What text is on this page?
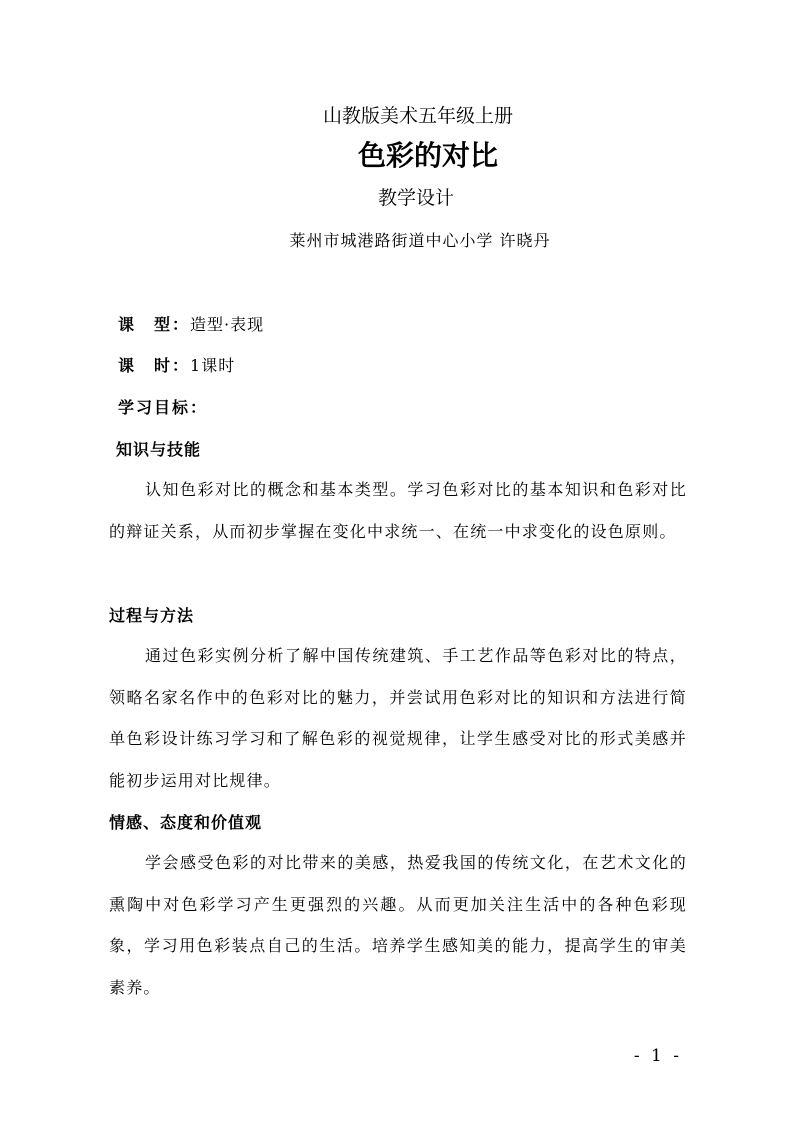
山教版美术五年级上册
色彩的对比
教学设计
莱州市城港路街道中心小学 许晓丹
课　型：造型·表现
课　时：1课时
学习目标：
知识与技能
认知色彩对比的概念和基本类型。学习色彩对比的基本知识和色彩对比的辩证关系，从而初步掌握在变化中求统一、在统一中求变化的设色原则。
过程与方法
通过色彩实例分析了解中国传统建筑、手工艺作品等色彩对比的特点，领略名家名作中的色彩对比的魅力，并尝试用色彩对比的知识和方法进行简单色彩设计练习学习和了解色彩的视觉规律，让学生感受对比的形式美感并能初步运用对比规律。
情感、态度和价值观
学会感受色彩的对比带来的美感，热爱我国的传统文化，在艺术文化的熏陶中对色彩学习产生更强烈的兴趣。从而更加关注生活中的各种色彩现象，学习用色彩装点自己的生活。培养学生感知美的能力，提高学生的审美素养。
- 1 -
